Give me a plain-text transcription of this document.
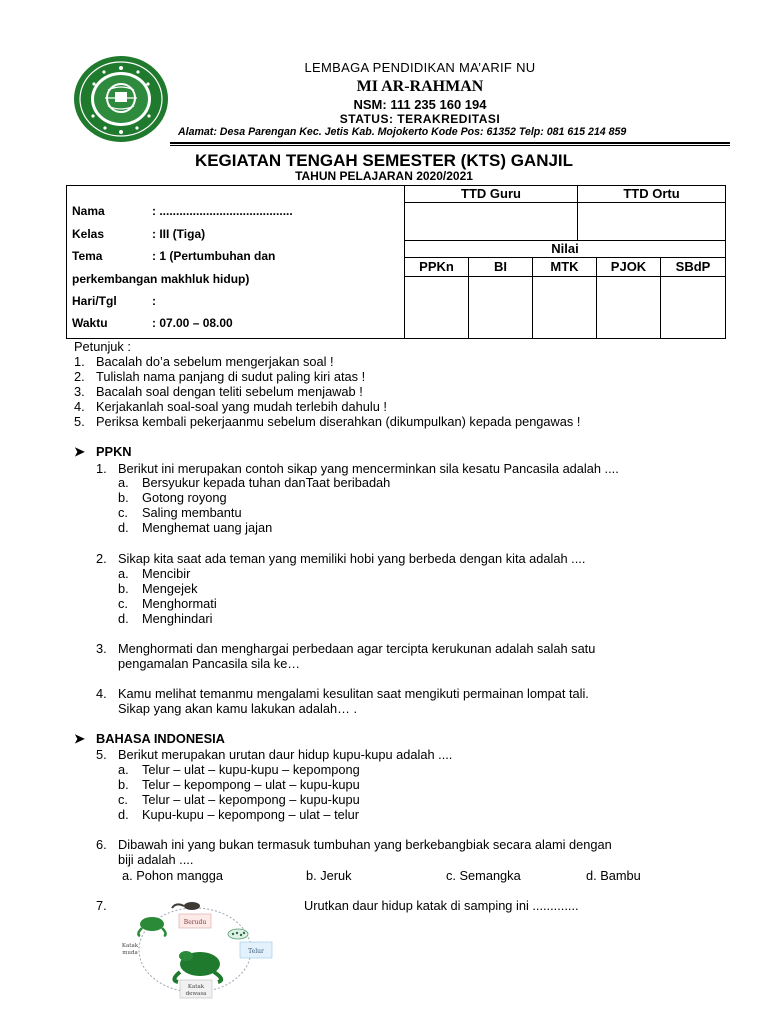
LEMBAGA PENDIDIKAN MA’ARIF NU
MI AR-RAHMAN
NSM: 111 235 160 194
STATUS: TERAKREDITASI
Alamat: Desa Parengan Kec. Jetis Kab. Mojokerto Kode Pos: 61352 Telp: 081 615 214 859
KEGIATAN TENGAH SEMESTER (KTS) GANJIL
TAHUN PELAJARAN 2020/2021
Nama	: ........................................
Kelas	: III (Tiga)
Tema	: 1 (Pertumbuhan dan
perkembangan makhluk hidup)
Hari/Tgl	:
Waktu	: 07.00 – 08.00
TTD Guru	TTD Ortu
Nilai
PPKn	BI	MTK	PJOK	SBdP
Petunjuk :
1. Bacalah do’a sebelum mengerjakan soal !
2. Tulislah nama panjang di sudut paling kiri atas !
3. Bacalah soal dengan teliti sebelum menjawab !
4. Kerjakanlah soal-soal yang mudah terlebih dahulu !
5. Periksa kembali pekerjaanmu sebelum diserahkan (dikumpulkan) kepada pengawas !
➤ PPKN
1. Berikut ini merupakan contoh sikap yang mencerminkan sila kesatu Pancasila adalah ....
a. Bersyukur kepada tuhan danTaat beribadah
b. Gotong royong
c. Saling membantu
d. Menghemat uang jajan
2. Sikap kita saat ada teman yang memiliki hobi yang berbeda dengan kita adalah ....
a. Mencibir
b. Mengejek
c. Menghormati
d. Menghindari
3. Menghormati dan menghargai perbedaan agar tercipta kerukunan adalah salah satu
pengamalan Pancasila sila ke…
4. Kamu melihat temanmu mengalami kesulitan saat mengikuti permainan lompat tali.
Sikap yang akan kamu lakukan adalah… .
➤ BAHASA INDONESIA
5. Berikut merupakan urutan daur hidup kupu-kupu adalah ....
a. Telur – ulat – kupu-kupu – kepompong
b. Telur – kepompong – ulat – kupu-kupu
c. Telur – ulat – kepompong – kupu-kupu
d. Kupu-kupu – kepompong – ulat – telur
6. Dibawah ini yang bukan termasuk tumbuhan yang berkebangbiak secara alami dengan
biji adalah ....
a. Pohon mangga	b. Jeruk	c. Semangka	d. Bambu
7.	Urutkan daur hidup katak di samping ini .............
Berudu
Telur
Katak
dewasa
Katak
muda
